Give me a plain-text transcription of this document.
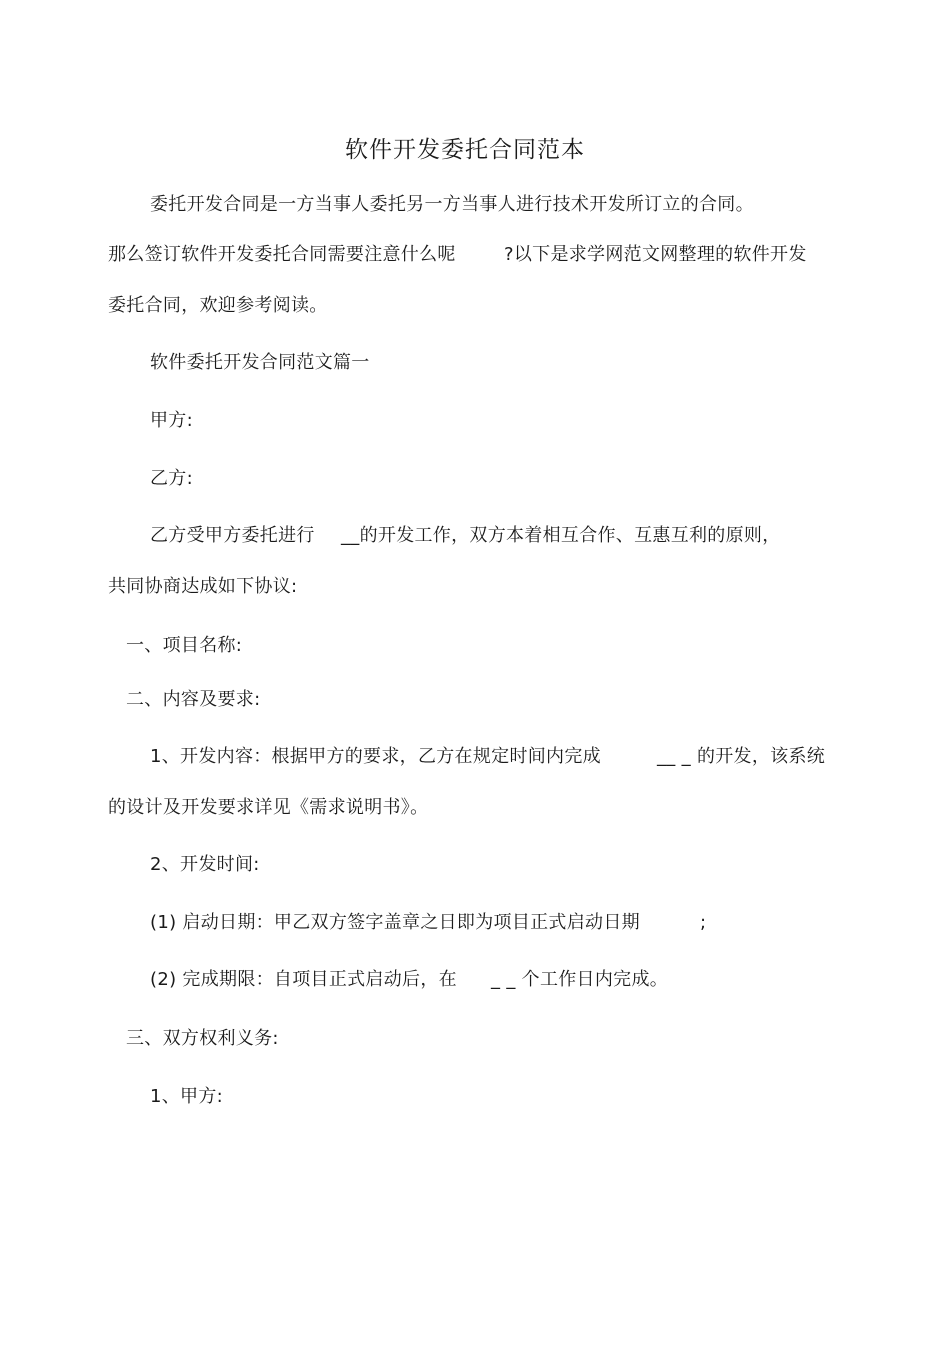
软件开发委托合同范本
委托开发合同是一方当事人委托另一方当事人进行技术开发所订立的合同。
那么签订软件开发委托合同需要注意什么呢	?以下是求学网范文网整理的软件开发
委托合同，欢迎参考阅读。
软件委托开发合同范文篇一
甲方:
乙方:
乙方受甲方委托进行 __的开发工作，双方本着相互合作、互惠互利的原则，
共同协商达成如下协议:
一、项目名称:
二、内容及要求:
1、开发内容：根据甲方的要求，乙方在规定时间内完成	__ _ 的开发，该系统
的设计及开发要求详见《需求说明书》。
2、开发时间:
(1) 启动日期：甲乙双方签字盖章之日即为项目正式启动日期	;
(2) 完成期限：自项目正式启动后，在 _ _ 个工作日内完成。
三、双方权利义务:
1、甲方:
